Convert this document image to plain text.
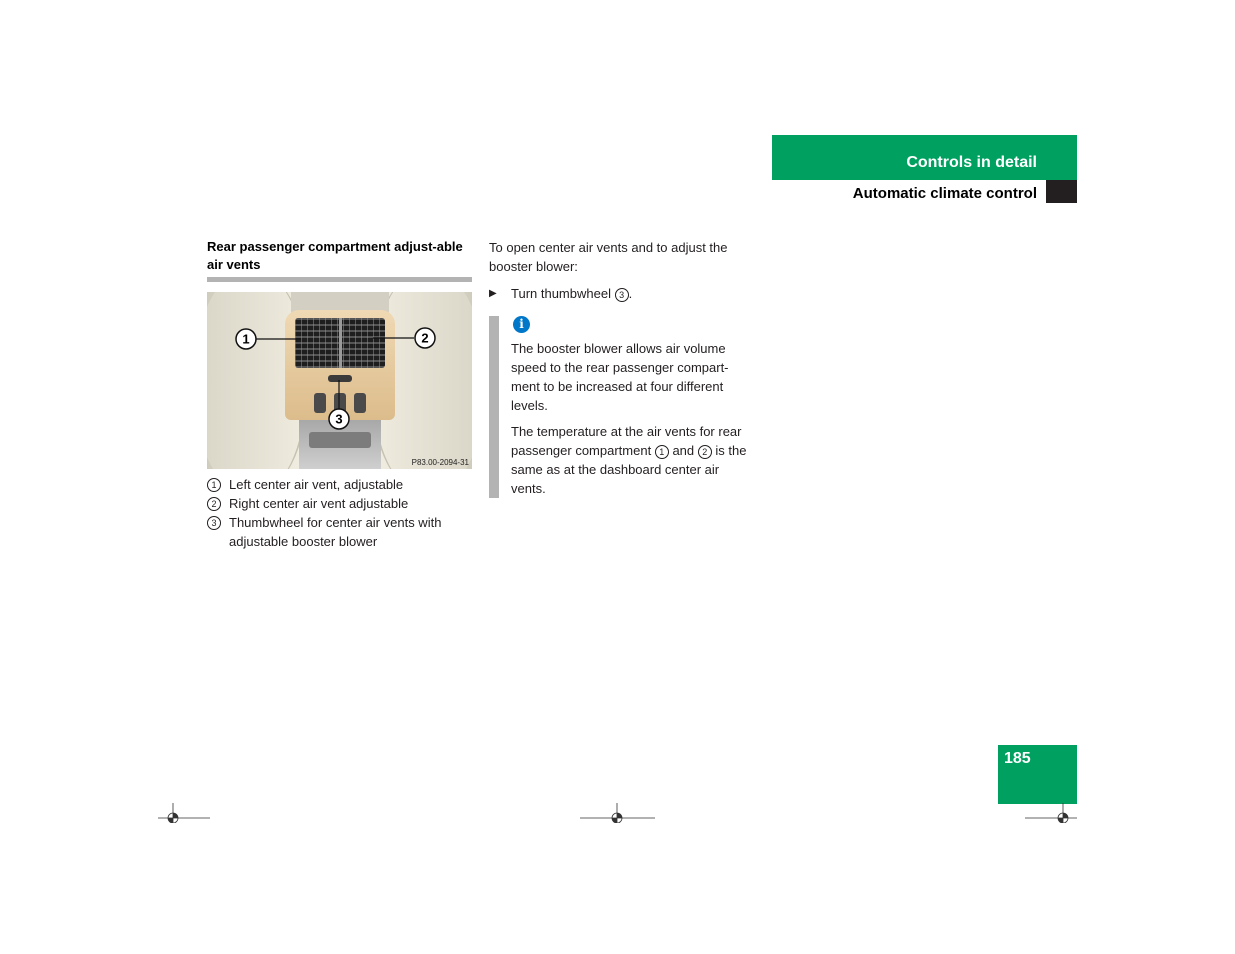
Controls in detail
Automatic climate control

Rear passenger compartment adjust-able air vents

1	2
3
P83.00-2094-31
1 Left center air vent, adjustable
2 Right center air vent adjustable
3 Thumbwheel for center air vents with adjustable booster blower

To open center air vents and to adjust the booster blower:

▶ Turn thumbwheel 3 .

i

The booster blower allows air volume speed to the rear passenger compart-ment to be increased at four different levels.

The temperature at the air vents for rear passenger compartment 1 and 2 is the same as at the dashboard center air vents.

185
